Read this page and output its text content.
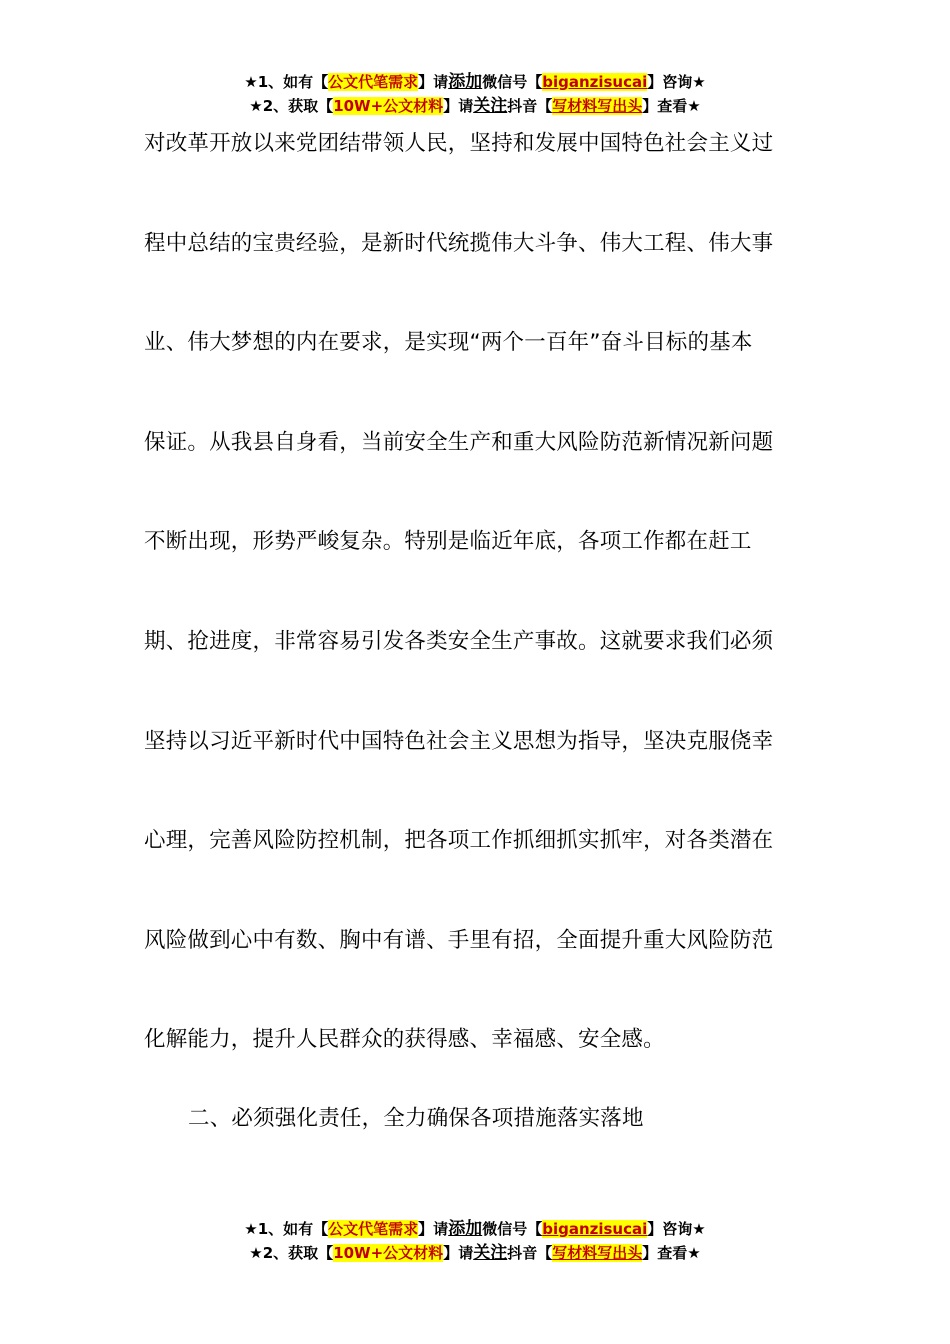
★1、如有【公文代笔需求】请添加微信号【biganzisucai】咨询★
★2、获取【10W+公文材料】请关注抖音【写材料写出头】查看★
对改革开放以来党团结带领人民，坚持和发展中国特色社会主义过
程中总结的宝贵经验，是新时代统揽伟大斗争、伟大工程、伟大事
业、伟大梦想的内在要求，是实现“两个一百年”奋斗目标的基本
保证。从我县自身看，当前安全生产和重大风险防范新情况新问题
不断出现，形势严峻复杂。特别是临近年底，各项工作都在赶工
期、抢进度，非常容易引发各类安全生产事故。这就要求我们必须
坚持以习近平新时代中国特色社会主义思想为指导，坚决克服侥幸
心理，完善风险防控机制，把各项工作抓细抓实抓牢，对各类潜在
风险做到心中有数、胸中有谱、手里有招，全面提升重大风险防范
化解能力，提升人民群众的获得感、幸福感、安全感。
二、必须强化责任，全力确保各项措施落实落地
★1、如有【公文代笔需求】请添加微信号【biganzisucai】咨询★
★2、获取【10W+公文材料】请关注抖音【写材料写出头】查看★
